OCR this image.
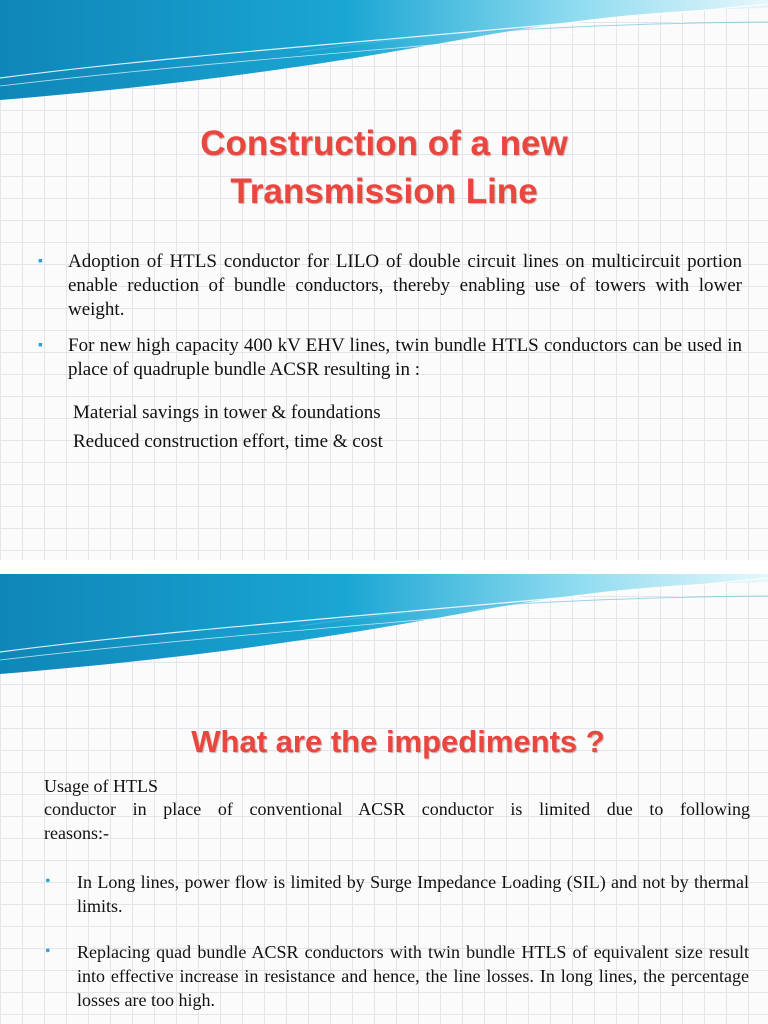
Construction of a new
Transmission Line
▪ Adoption of HTLS conductor for LILO of double circuit lines on multicircuit portion enable reduction of bundle conductors, thereby enabling use of towers with lower weight.
▪ For new high capacity 400 kV EHV lines, twin bundle HTLS conductors can be used in place of quadruple bundle ACSR resulting in :

Material savings in tower & foundations

Reduced construction effort, time & cost

What are the impediments ?

Usage of HTLS

conductor in place of conventional ACSR conductor is limited due to following

reasons:-

• In Long lines, power flow is limited by Surge Impedance Loading (SIL) and not by thermal limits.
• Replacing quad bundle ACSR conductors with twin bundle HTLS of equivalent size result into effective increase in resistance and hence, the line losses. In long lines, the percentage losses are too high.
